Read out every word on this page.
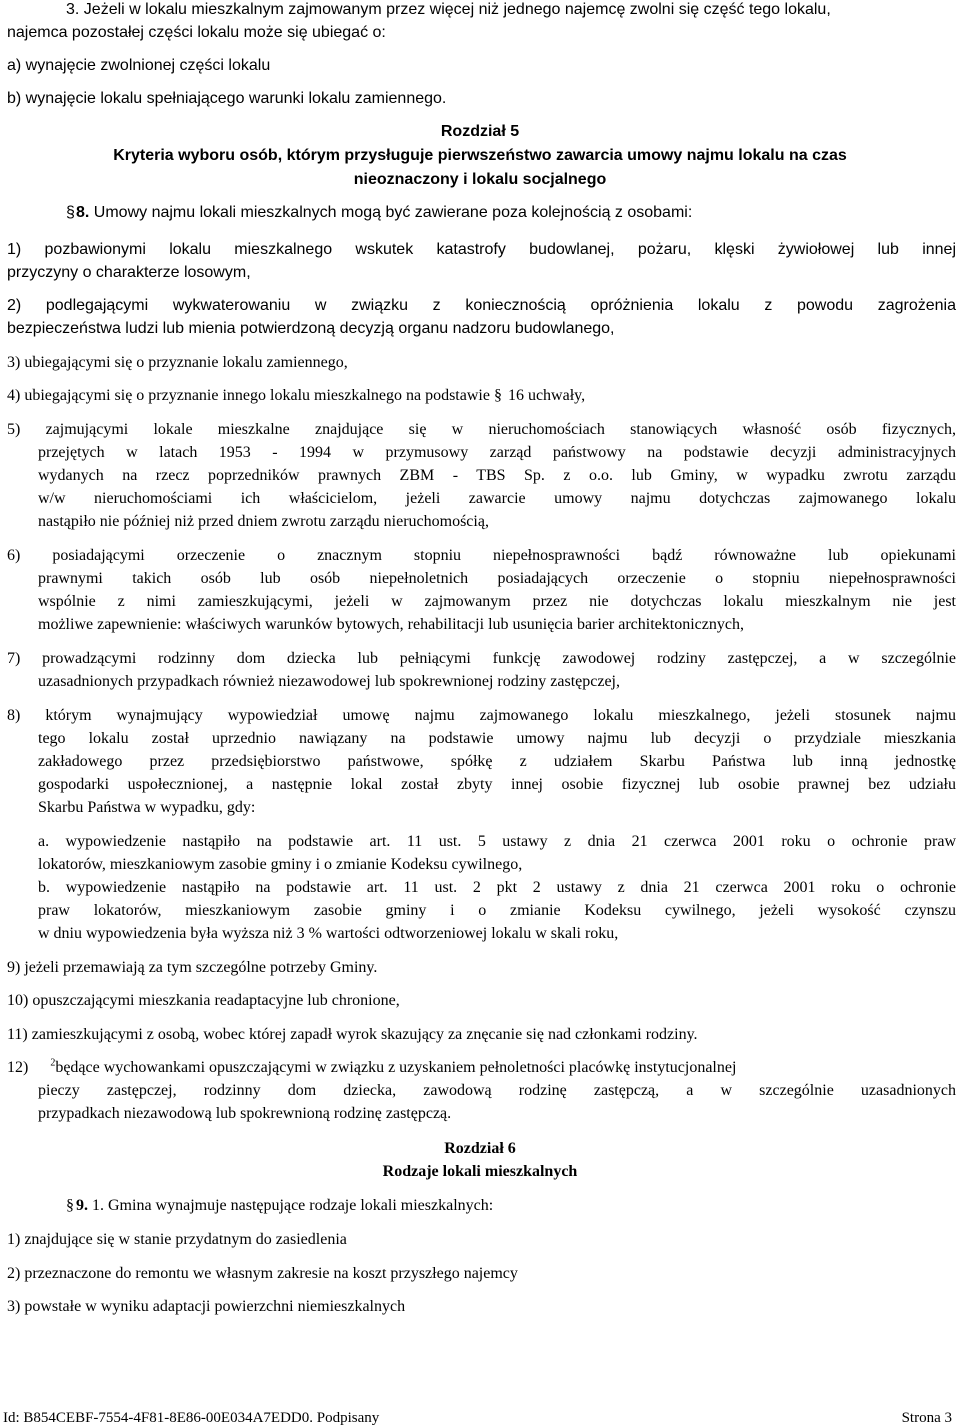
3. Jeżeli w lokalu mieszkalnym zajmowanym przez więcej niż jednego najemcę zwolni się część tego lokalu,
najemca pozostałej części lokalu może się ubiegać o:
a) wynajęcie zwolnionej części lokalu
b) wynajęcie lokalu spełniającego warunki lokalu zamiennego.
Rozdział 5
Kryteria wyboru osób, którym przysługuje pierwszeństwo zawarcia umowy najmu lokalu na czas
nieoznaczony i lokalu socjalnego
§8. Umowy najmu lokali mieszkalnych mogą być zawierane poza kolejnością z osobami:
1) pozbawionymi lokalu mieszkalnego wskutek katastrofy budowlanej, pożaru, klęski żywiołowej lub innej
przyczyny o charakterze losowym,
2) podlegającymi wykwaterowaniu w związku z koniecznością opróżnienia lokalu z powodu zagrożenia
bezpieczeństwa ludzi lub mienia potwierdzoną decyzją organu nadzoru budowlanego,
3) ubiegającymi się o przyznanie lokalu zamiennego,
4) ubiegającymi się o przyznanie innego lokalu mieszkalnego na podstawie § 16 uchwały,
5) zajmującymi lokale mieszkalne znajdujące się w nieruchomościach stanowiących własność osób fizycznych,
przejętych w latach 1953 - 1994 w przymusowy zarząd państwowy na podstawie decyzji administracyjnych
wydanych na rzecz poprzedników prawnych ZBM - TBS Sp. z o.o. lub Gminy, w wypadku zwrotu zarządu
w/w nieruchomościami ich właścicielom, jeżeli zawarcie umowy najmu dotychczas zajmowanego lokalu
nastąpiło nie później niż przed dniem zwrotu zarządu nieruchomością,
6) posiadającymi orzeczenie o znacznym stopniu niepełnosprawności bądź równoważne lub opiekunami
prawnymi takich osób lub osób niepełnoletnich posiadających orzeczenie o stopniu niepełnosprawności
wspólnie z nimi zamieszkującymi, jeżeli w zajmowanym przez nie dotychczas lokalu mieszkalnym nie jest
możliwe zapewnienie: właściwych warunków bytowych, rehabilitacji lub usunięcia barier architektonicznych,
7) prowadzącymi rodzinny dom dziecka lub pełniącymi funkcję zawodowej rodziny zastępczej, a w szczególnie
uzasadnionych przypadkach również niezawodowej lub spokrewnionej rodziny zastępczej,
8) którym wynajmujący wypowiedział umowę najmu zajmowanego lokalu mieszkalnego, jeżeli stosunek najmu
tego lokalu został uprzednio nawiązany na podstawie umowy najmu lub decyzji o przydziale mieszkania
zakładowego przez przedsiębiorstwo państwowe, spółkę z udziałem Skarbu Państwa lub inną jednostkę
gospodarki uspołecznionej, a następnie lokal został zbyty innej osobie fizycznej lub osobie prawnej bez udziału
Skarbu Państwa w wypadku, gdy:
a. wypowiedzenie nastąpiło na podstawie art. 11 ust. 5 ustawy z dnia 21 czerwca 2001 roku o ochronie praw
lokatorów, mieszkaniowym zasobie gminy i o zmianie Kodeksu cywilnego,
b. wypowiedzenie nastąpiło na podstawie art. 11 ust. 2 pkt 2 ustawy z dnia 21 czerwca 2001 roku o ochronie
praw lokatorów, mieszkaniowym zasobie gminy i o zmianie Kodeksu cywilnego, jeżeli wysokość czynszu
w dniu wypowiedzenia była wyższa niż 3 % wartości odtworzeniowej lokalu w skali roku,
9) jeżeli przemawiają za tym szczególne potrzeby Gminy.
10) opuszczającymi mieszkania readaptacyjne lub chronione,
11) zamieszkującymi z osobą, wobec której zapadł wyrok skazujący za znęcanie się nad członkami rodziny.
12) $^2$będące wychowankami opuszczającymi w związku z uzyskaniem pełnoletności placówkę instytucjonalnej
pieczy zastępczej, rodzinny dom dziecka, zawodową rodzinę zastępczą, a w szczególnie uzasadnionych
przypadkach niezawodową lub spokrewnioną rodzinę zastępczą.
Rozdział 6
Rodzaje lokali mieszkalnych
§ 9. 1. Gmina wynajmuje następujące rodzaje lokali mieszkalnych:
1) znajdujące się w stanie przydatnym do zasiedlenia
2) przeznaczone do remontu we własnym zakresie na koszt przyszłego najemcy
3) powstałe w wyniku adaptacji powierzchni niemieszkalnych
Id: B854CEBF-7554-4F81-8E86-00E034A7EDD0. Podpisany	Strona 3
